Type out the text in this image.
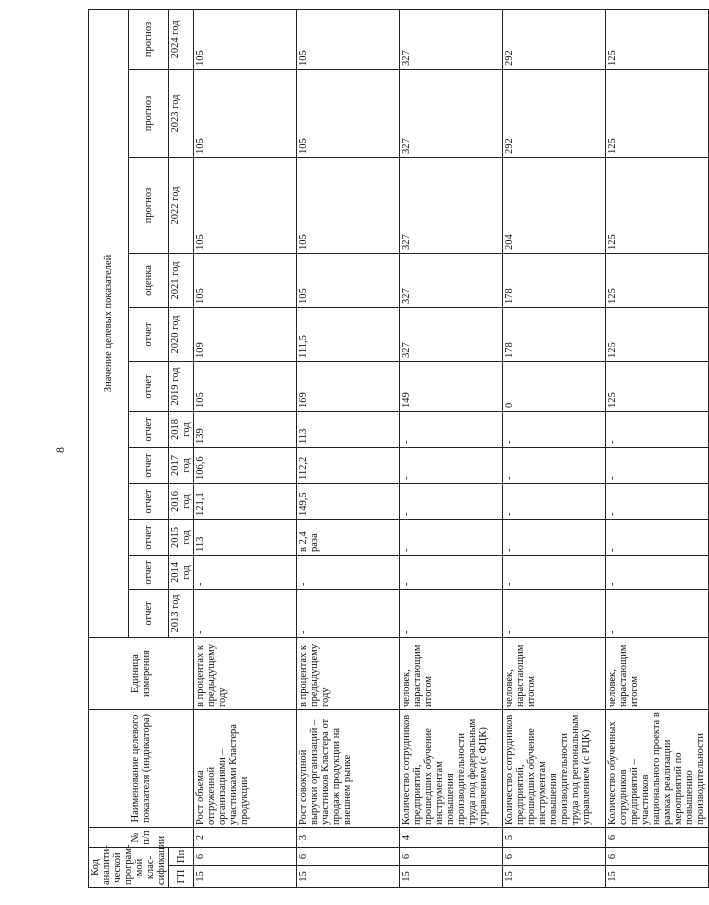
8
Код аналити-ческой програм-мой клас-сификации		№ п/п	Наименование целевого показателя (индикатора)	Единица измерения	Значение целевых показателей											
					отчет	отчет	отчет	отчет	отчет	отчет	отчет	отчет	оценка	прогноз	прогноз	прогноз
ГП	Пп				2013 год	2014 год	2015 год	2016 год	2017 год	2018 год	2019 год	2020 год	2021 год	2022 год	2023 год	2024 год
15	6	2	Рост объема отгруженной организациями – участниками Кластера продукции	в процентах к предыдущему году	-	-	113	121,1	106,6	139	105	109	105	105	105	105
15	6	3	Рост совокупной выручки организаций – участников Кластера от продаж продукции на внешнем рынке	в процентах к предыдущему году	-	-	в 2,4 раза	149,5	112,2	113	169	111,5	105	105	105	105
15	6	4	Количество сотрудников предприятий, прошедших обучение инструментам повышения производительности труда под федеральным управлением (с ФЦК)	человек, нарастающим итогом	-	-	-	-	-	-	149	327	327	327	327	327
15	6	5	Количество сотрудников предприятий, прошедших обучение инструментам повышения производительности труда под региональным управлением (с РЦК)	человек, нарастающим итогом	-	-	-	-	-	-	0	178	178	204	292	292
15	6	6	Количество обученных сотрудников предприятий – участников национального проекта в рамках реализации мероприятий по повышению производительности	человек, нарастающим итогом	-	-	-	-	-	-	125	125	125	125	125	125
